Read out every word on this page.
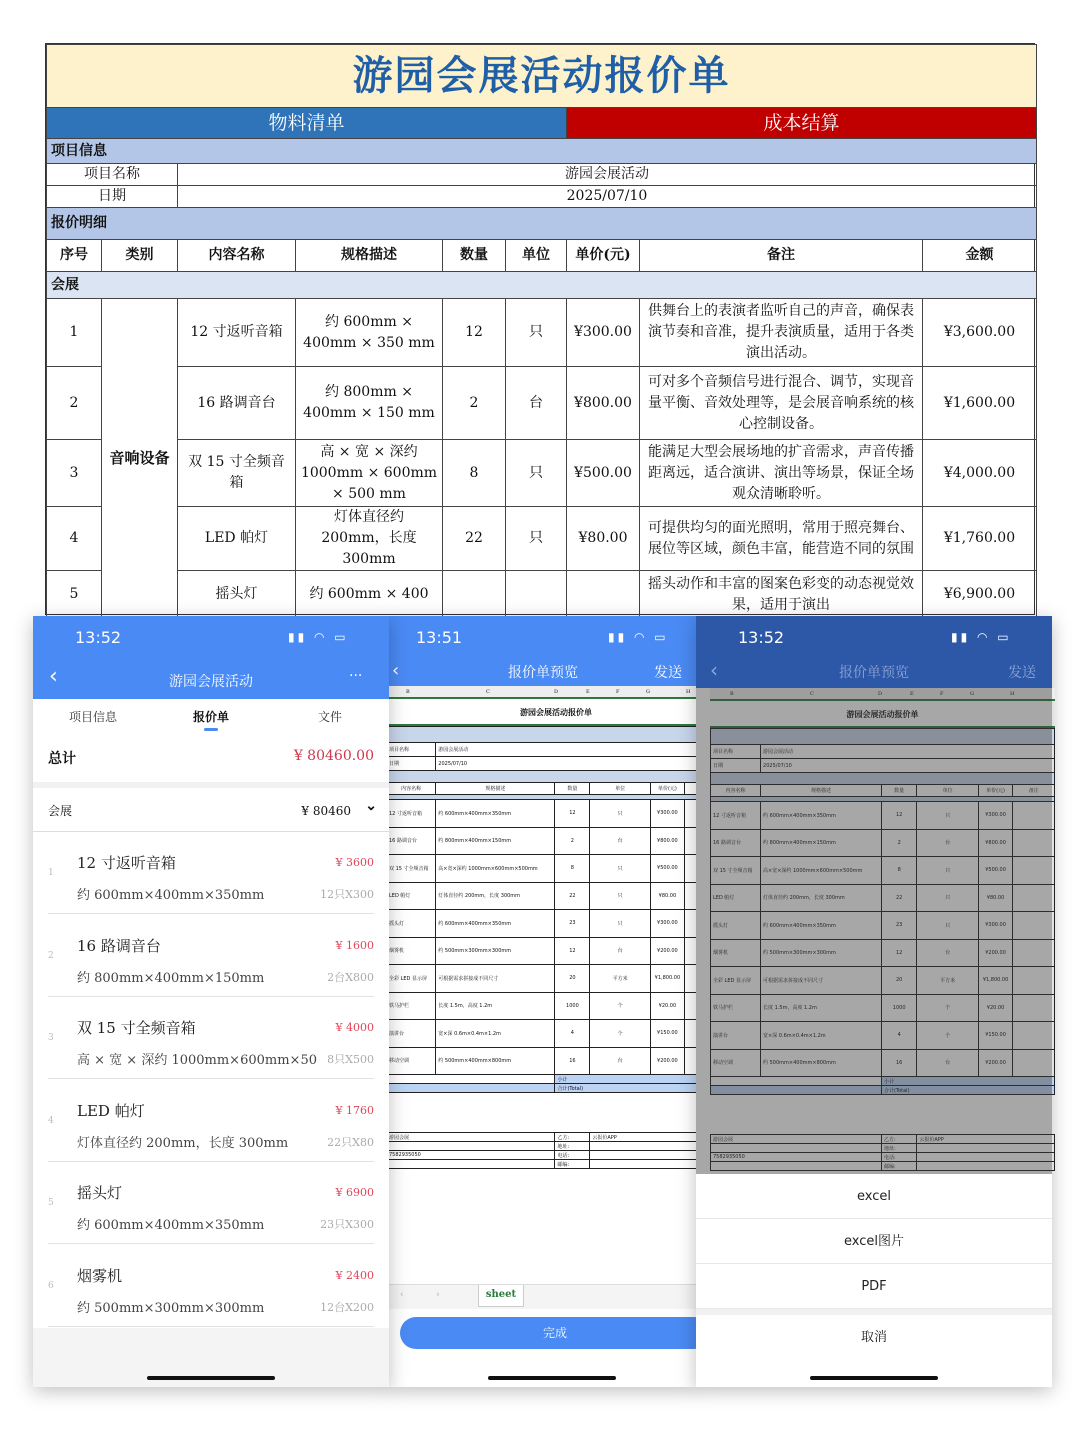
游园会展活动报价单								
物料清单						成本结算		
项目信息								
项目名称		游园会展活动						
日期		2025/07/10						
报价明细								
序号	类别	内容名称	规格描述	数量	单位	单价(元)	备注	金额
会展								
1	音响设备	12 寸返听音箱	约 600mm × 400mm × 350 mm	12	只	¥300.00	供舞台上的表演者监听自己的声音，确保表演节奏和音准，提升表演质量，适用于各类演出活动。	¥3,600.00
2		16 路调音台	约 800mm × 400mm × 150 mm	2	台	¥800.00	可对多个音频信号进行混合、调节，实现音量平衡、音效处理等，是会展音响系统的核心控制设备。	¥1,600.00
3		双 15 寸全频音箱	高 × 宽 × 深约 1000mm × 600mm × 500 mm	8	只	¥500.00	能满足大型会展场地的扩音需求，声音传播距离远，适合演讲、演出等场景，保证全场观众清晰聆听。	¥4,000.00
4		LED 帕灯	灯体直径约 200mm，长度 300mm	22	只	¥80.00	可提供均匀的面光照明，常用于照亮舞台、展位等区域，颜色丰富，能营造不同的氛围	¥1,760.00
5		摇头灯	约 600mm × 400				摇头动作和丰富的图案色彩变的动态视觉效果，适用于演出	¥6,900.00
13:51	▮▮ ◠ ▭
‹	报价单预览	发送
B	C	D	E	F	G	H
游园会展活动报价单

项目名称	游园会展活动				
日期	2025/07/10				

内容名称	规格描述	数量	单位	单价(元)	

12 寸返听音箱	约 600mm×400mm×350mm	12	只	¥300.00	
16 路调音台	约 800mm×400mm×150mm	2	台	¥800.00	
双 15 寸全频音箱	高×宽×深约 1000mm×600mm×500mm	8	只	¥500.00	
LED 帕灯	灯体直径约 200mm，长度 300mm	22	只	¥80.00	
摇头灯	约 600mm×400mm×350mm	23	只	¥300.00	
烟雾机	约 500mm×300mm×300mm	12	台	¥200.00	
全彩 LED 显示屏	可根据需求拼接成不同尺寸	20	平方米	¥1,800.00	
铁马护栏	长度 1.5m，高度 1.2m	1000	个	¥20.00	
演讲台	宽×深 0.6m×0.4m×1.2m	4	个	¥150.00	
移动空调	约 500mm×400mm×800mm	16	台	¥200.00	
		小计			
		合计(Total)			

游园会展		乙方:	云报价APP		
		地址:			
7582935050		电话:			
		邮编:			
‹	›	sheet
完成
13:52	▮▮ ◠ ▭
‹	游园会展活动	···
项目信息	报价单	文件
总计	¥ 80460.00
会展	¥ 80460 ⌄
1
12 寸返听音箱	¥ 3600
约 600mm×400mm×350mm	12只X300
2
16 路调音台	¥ 1600
约 800mm×400mm×150mm	2台X800
3
双 15 寸全频音箱	¥ 4000
高 × 宽 × 深约 1000mm×600mm×50 8只X500
4
LED 帕灯	¥ 1760
灯体直径约 200mm，长度 300mm	22只X80
5
摇头灯	¥ 6900
约 600mm×400mm×350mm	23只X300
6
烟雾机	¥ 2400
约 500mm×300mm×300mm	12台X200
13:52	▮▮ ◠ ▭
‹	报价单预览	发送
B	C	D	E	F	G	H
游园会展活动报价单

项目名称	游园会展活动				
日期	2025/07/10				

内容名称	规格描述	数量	单位	单价(元)	备注

12 寸返听音箱	约 600mm×400mm×350mm	12	只	¥300.00	
16 路调音台	约 800mm×400mm×150mm	2	台	¥800.00	
双 15 寸全频音箱	高×宽×深约 1000mm×600mm×500mm	8	只	¥500.00	
LED 帕灯	灯体直径约 200mm，长度 300mm	22	只	¥80.00	
摇头灯	约 600mm×400mm×350mm	23	只	¥300.00	
烟雾机	约 500mm×300mm×300mm	12	台	¥200.00	
全彩 LED 显示屏	可根据需求拼接成不同尺寸	20	平方米	¥1,800.00	
铁马护栏	长度 1.5m，高度 1.2m	1000	个	¥20.00	
演讲台	宽×深 0.6m×0.4m×1.2m	4	个	¥150.00	
移动空调	约 500mm×400mm×800mm	16	台	¥200.00	
		小计			
		合计(Total)			

游园会展		乙方:	云报价APP		
		地址:			
7582935050		电话:			
		邮编:			
excel
excel图片
PDF
取消
